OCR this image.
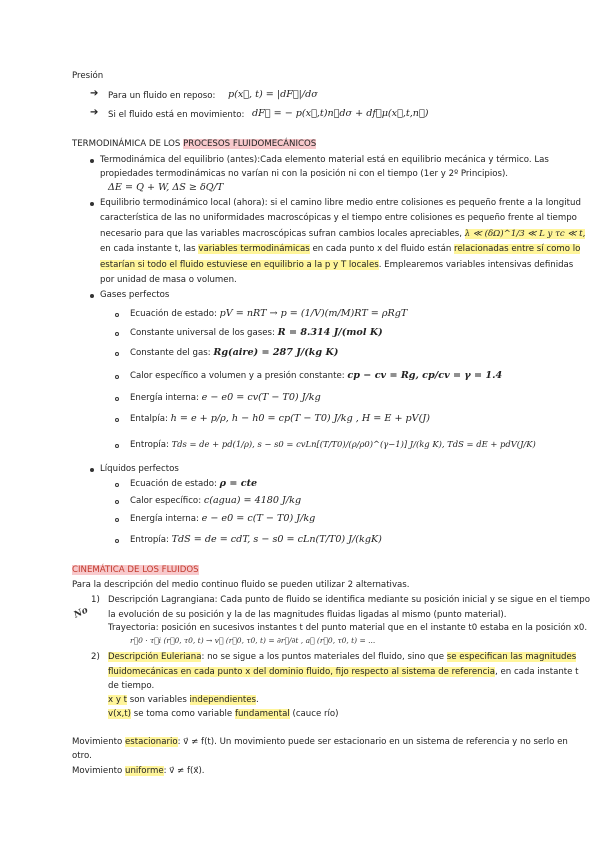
Presión
➔ Para un fluido en reposo: p(x⃗, t) = |dF⃗|/dσ
➔ Si el fluido está en movimiento: dF⃗ = − p(x⃗,t)n⃗dσ + df⃗μ(x⃗,t,n⃗)
TERMODINÁMICA DE LOS PROCESOS FLUIDOMECÁNICOS
Termodinámica del equilibrio (antes):Cada elemento material está en equilibrio mecánica y térmico. Las
propiedades termodinámicas no varían ni con la posición ni con el tiempo (1er y 2º Principios).
ΔE = Q + W, ΔS ≥ δQ/T
Equilibrio termodinámico local (ahora): si el camino libre medio entre colisiones es pequeño frente a la longitud
característica de las no uniformidades macroscópicas y el tiempo entre colisiones es pequeño frente al tiempo
necesario para que las variables macroscópicas sufran cambios locales apreciables, λ ≪ (δΩ)^1/3 ≪ L y τc ≪ t,
en cada instante t, las variables termodinámicas en cada punto x del fluido están relacionadas entre sí como lo
estarían si todo el fluido estuviese en equilibrio a la p y T locales. Emplearemos variables intensivas definidas
por unidad de masa o volumen.
Gases perfectos
Ecuación de estado: pV = nRT → p = (1/V)(m/M)RT = ρRgT
Constante universal de los gases: R = 8.314 J/(mol K)
Constante del gas: Rg(aire) = 287 J/(kg K)
Calor específico a volumen y a presión constante: cp − cv = Rg, cp/cv = γ = 1.4
Energía interna: e − e0 = cv(T − T0) J/kg
Entalpía: h = e + p/ρ, h − h0 = cp(T − T0) J/kg , H = E + pV(J)
Entropía: Tds = de + pd(1/ρ), s − s0 = cvLn[(T/T0)/(ρ/ρ0)^(γ−1)] J/(kg K), TdS = dE + pdV(J/K)
Líquidos perfectos
Ecuación de estado: ρ = cte
Calor específico: c(agua) = 4180 J/kg
Energía interna: e − e0 = c(T − T0) J/kg
Entropía: TdS = de = cdT, s − s0 = cLn(T/T0) J/(kgK)
CINEMÁTICA DE LOS FLUIDOS
Para la descripción del medio continuo fluido se pueden utilizar 2 alternativas.
1) Descripción Lagrangiana: Cada punto de fluido se identifica mediante su posición inicial y se sigue en el tiempo
la evolución de su posición y la de las magnitudes fluidas ligadas al mismo (punto material).
No
Trayectoria: posición en sucesivos instantes t del punto material que en el instante t0 estaba en la posición x0.
r⃗0 · τ⃗i (r⃗0, τ0, t) → v⃗ (r⃗0, τ0, t) = ∂r⃗/∂t , a⃗ (r⃗0, τ0, t) = ...
2) Descripción Euleriana: no se sigue a los puntos materiales del fluido, sino que se especifican las magnitudes
fluidomecánicas en cada punto x del dominio fluido, fijo respecto al sistema de referencia, en cada instante t
de tiempo.
x y t son variables independientes.
v(x,t) se toma como variable fundamental (cauce río)
Movimiento estacionario: v⃗ ≠ f(t). Un movimiento puede ser estacionario en un sistema de referencia y no serlo en
otro.
Movimiento uniforme: v⃗ ≠ f(x⃗).
